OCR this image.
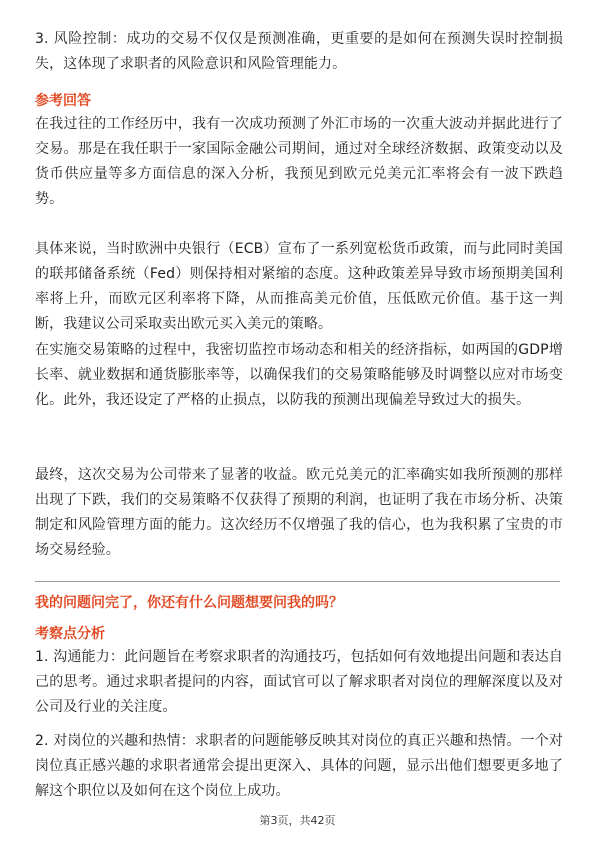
3. 风险控制：成功的交易不仅仅是预测准确，更重要的是如何在预测失误时控制损失，这体现了求职者的风险意识和风险管理能力。

参考回答

在我过往的工作经历中，我有一次成功预测了外汇市场的一次重大波动并据此进行了交易。那是在我任职于一家国际金融公司期间，通过对全球经济数据、政策变动以及货币供应量等多方面信息的深入分析，我预见到欧元兑美元汇率将会有一波下跌趋势。

具体来说，当时欧洲中央银行（ECB）宣布了一系列宽松货币政策，而与此同时美国的联邦储备系统（Fed）则保持相对紧缩的态度。这种政策差异导致市场预期美国利率将上升，而欧元区利率将下降，从而推高美元价值，压低欧元价值。基于这一判断，我建议公司采取卖出欧元买入美元的策略。

在实施交易策略的过程中，我密切监控市场动态和相关的经济指标，如两国的GDP增长率、就业数据和通货膨胀率等，以确保我们的交易策略能够及时调整以应对市场变化。此外，我还设定了严格的止损点，以防我的预测出现偏差导致过大的损失。

最终，这次交易为公司带来了显著的收益。欧元兑美元的汇率确实如我所预测的那样出现了下跌，我们的交易策略不仅获得了预期的利润，也证明了我在市场分析、决策制定和风险管理方面的能力。这次经历不仅增强了我的信心，也为我积累了宝贵的市场交易经验。

我的问题问完了，你还有什么问题想要问我的吗？
考察点分析

1. 沟通能力：此问题旨在考察求职者的沟通技巧，包括如何有效地提出问题和表达自己的思考。通过求职者提问的内容，面试官可以了解求职者对岗位的理解深度以及对公司及行业的关注度。

2. 对岗位的兴趣和热情：求职者的问题能够反映其对岗位的真正兴趣和热情。一个对岗位真正感兴趣的求职者通常会提出更深入、具体的问题，显示出他们想要更多地了解这个职位以及如何在这个岗位上成功。

第3页，共42页
